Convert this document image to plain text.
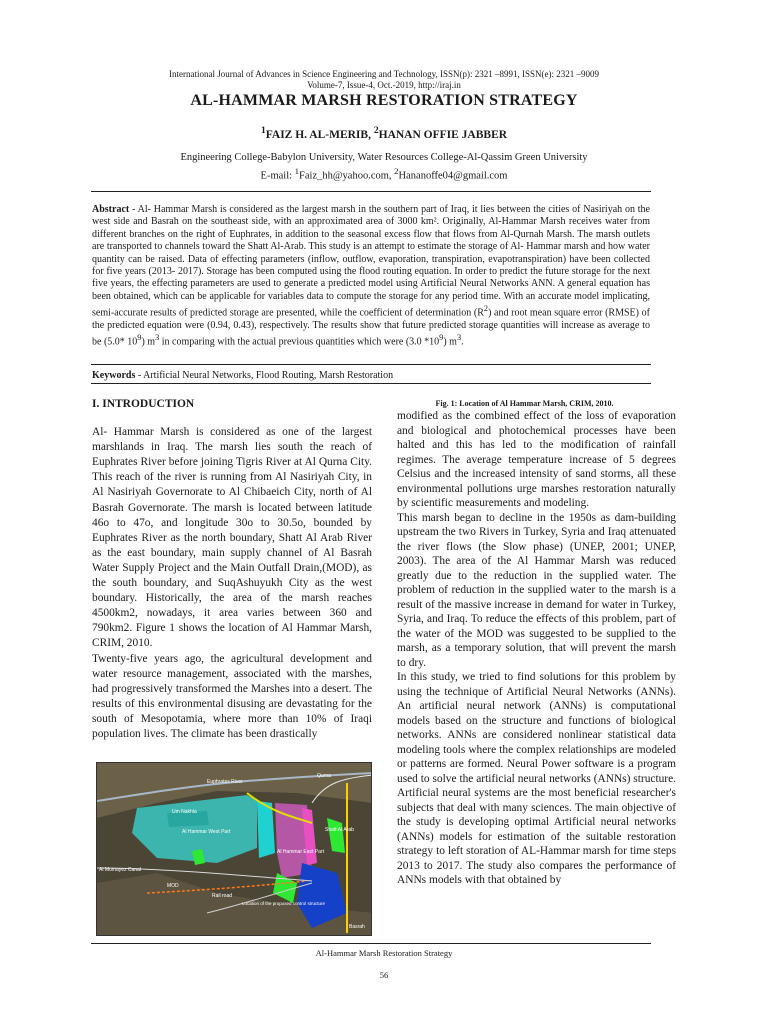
International Journal of Advances in Science Engineering and Technology, ISSN(p): 2321 –8991, ISSN(e): 2321 –9009
Volume-7, Issue-4, Oct.-2019, http://iraj.in
AL-HAMMAR MARSH RESTORATION STRATEGY
$^1$FAIZ H. AL-MERIB, $^2$HANAN OFFIE JABBER
Engineering College-Babylon University, Water Resources College-Al-Qassim Green University
E-mail: $^1$Faiz_hh@yahoo.com, $^2$Hananoffe04@gmail.com
Abstract - Al- Hammar Marsh is considered as the largest marsh in the southern part of Iraq, it lies between the cities of Nasiriyah on the west side and Basrah on the southeast side, with an approximated area of 3000 km². Originally, Al-Hammar Marsh receives water from different branches on the right of Euphrates, in addition to the seasonal excess flow that flows from Al-Qurnah Marsh. The marsh outlets are transported to channels toward the Shatt Al-Arab. This study is an attempt to estimate the storage of Al- Hammar marsh and how water quantity can be raised. Data of effecting parameters (inflow, outflow, evaporation, transpiration, evapotranspiration) have been collected for five years (2013- 2017). Storage has been computed using the flood routing equation. In order to predict the future storage for the next five years, the effecting parameters are used to generate a predicted model using Artificial Neural Networks ANN. A general equation has been obtained, which can be applicable for variables data to compute the storage for any period time. With an accurate model implicating, semi-accurate results of predicted storage are presented, while the coefficient of determination $(R^2)$ and root mean square error (RMSE) of the predicted equation were (0.94, 0.43), respectively. The results show that future predicted storage quantities will increase as average to be (5.0* $10^9$) $m^3$ in comparing with the actual previous quantities which were (3.0 $*10^9$) $m^3$.
Keywords - Artificial Neural Networks, Flood Routing, Marsh Restoration
I. INTRODUCTION

Al- Hammar Marsh is considered as one of the largest marshlands in Iraq. The marsh lies south the reach of Euphrates River before joining Tigris River at Al Qurna City. This reach of the river is running from Al Nasiriyah City, in Al Nasiriyah Governorate to Al Chibaeich City, north of Al Basrah Governorate. The marsh is located between latitude 46o to 47o, and longitude 30o to 30.5o, bounded by Euphrates River as the north boundary, Shatt Al Arab River as the east boundary, main supply channel of Al Basrah Water Supply Project and the Main Outfall Drain,(MOD), as the south boundary, and SuqAshuyukh City as the west boundary. Historically, the area of the marsh reaches 4500km2, nowadays, it area varies between 360 and 790km2. Figure 1 shows the location of Al Hammar Marsh, CRIM, 2010.

Twenty-five years ago, the agricultural development and water resource management, associated with the marshes, had progressively transformed the Marshes into a desert. The results of this environmental disusing are devastating for the south of Mesopotamia, where more than 10% of Iraqi population lives. The climate has been drastically

Euphrates River
Um Nakhla
Al Hammar West Part
Al Hammar East Part
Shatt Al Arab
Al Mumayez Canal
MOD
Rail road
Location of the proposed control structure
Qurna
Basrah
Fig. 1: Location of Al Hammar Marsh, CRIM, 2010.

modified as the combined effect of the loss of evaporation and biological and photochemical processes have been halted and this has led to the modification of rainfall regimes. The average temperature increase of 5 degrees Celsius and the increased intensity of sand storms, all these environmental pollutions urge marshes restoration naturally by scientific measurements and modeling.

This marsh began to decline in the 1950s as dam-building upstream the two Rivers in Turkey, Syria and Iraq attenuated the river flows (the Slow phase) (UNEP, 2001; UNEP, 2003). The area of the Al Hammar Marsh was reduced greatly due to the reduction in the supplied water. The problem of reduction in the supplied water to the marsh is a result of the massive increase in demand for water in Turkey, Syria, and Iraq. To reduce the effects of this problem, part of the water of the MOD was suggested to be supplied to the marsh, as a temporary solution, that will prevent the marsh to dry.

In this study, we tried to find solutions for this problem by using the technique of Artificial Neural Networks (ANNs). An artificial neural network (ANNs) is computational models based on the structure and functions of biological networks. ANNs are considered nonlinear statistical data modeling tools where the complex relationships are modeled or patterns are formed. Neural Power software is a program used to solve the artificial neural networks (ANNs) structure. Artificial neural systems are the most beneficial researcher's subjects that deal with many sciences. The main objective of the study is developing optimal Artificial neural networks (ANNs) models for estimation of the suitable restoration strategy to left storation of AL-Hammar marsh for time steps 2013 to 2017. The study also compares the performance of ANNs models with that obtained by

Al-Hammar Marsh Restoration Strategy
56
